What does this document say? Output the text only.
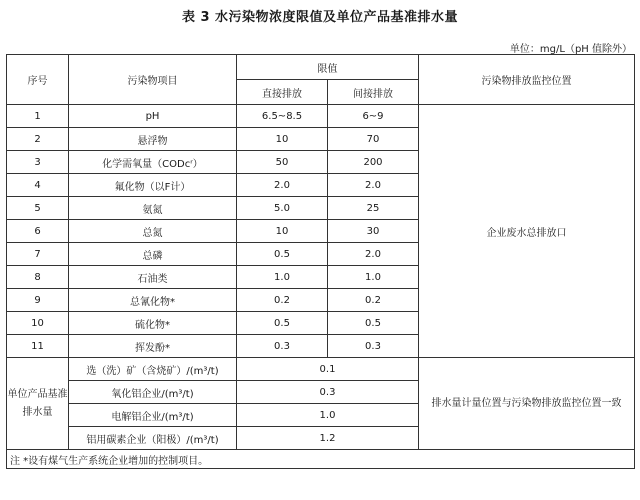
表 3 水污染物浓度限值及单位产品基准排水量
单位：mg/L（pH 值除外）
序号	污染物项目	限值		污染物排放监控位置
		直接排放	间接排放	
1	pH	6.5~8.5	6~9	企业废水总排放口
2	悬浮物	10	70	
3	化学需氧量（CODᴄʳ）	50	200	
4	氟化物（以F计）	2.0	2.0	
5	氨氮	5.0	25	
6	总氮	10	30	
7	总磷	0.5	2.0	
8	石油类	1.0	1.0	
9	总氰化物*	0.2	0.2	
10	硫化物*	0.5	0.5	
11	挥发酚*	0.3	0.3	
单位产品基准排水量	选（洗）矿（含烧矿）/(m³/t)	0.1		排水量计量位置与污染物排放监控位置一致
	氧化铝企业/(m³/t)	0.3		
	电解铝企业/(m³/t)	1.0		
	铝用碳素企业（阳极）/(m³/t)	1.2		
注 *设有煤气生产系统企业增加的控制项目。				
